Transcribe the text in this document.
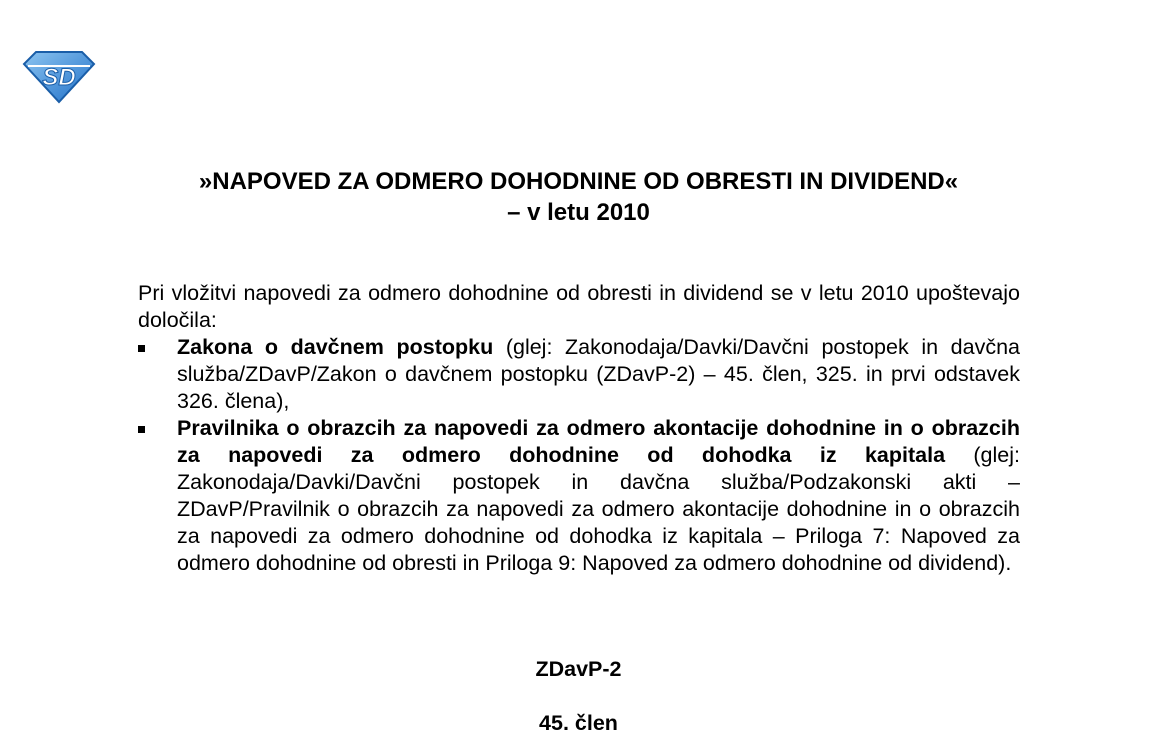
SD
»NAPOVED ZA ODMERO DOHODNINE OD OBRESTI IN DIVIDEND«
– v letu 2010

Pri vložitvi napovedi za odmero dohodnine od obresti in dividend se v letu 2010 upoštevajo določila:

Zakona o davčnem postopku (glej: Zakonodaja/Davki/Davčni postopek in davčna služba/ZDavP/Zakon o davčnem postopku (ZDavP-2) – 45. člen, 325. in prvi odstavek 326. člena),
Pravilnika o obrazcih za napovedi za odmero akontacije dohodnine in o obrazcih za napovedi za odmero dohodnine od dohodka iz kapitala (glej: Zakonodaja/Davki/Davčni postopek in davčna služba/Podzakonski akti – ZDavP/Pravilnik o obrazcih za napovedi za odmero akontacije dohodnine in o obrazcih za napovedi za odmero dohodnine od dohodka iz kapitala – Priloga 7: Napoved za odmero dohodnine od obresti in Priloga 9: Napoved za odmero dohodnine od dividend).
ZDavP-2
45. člen
